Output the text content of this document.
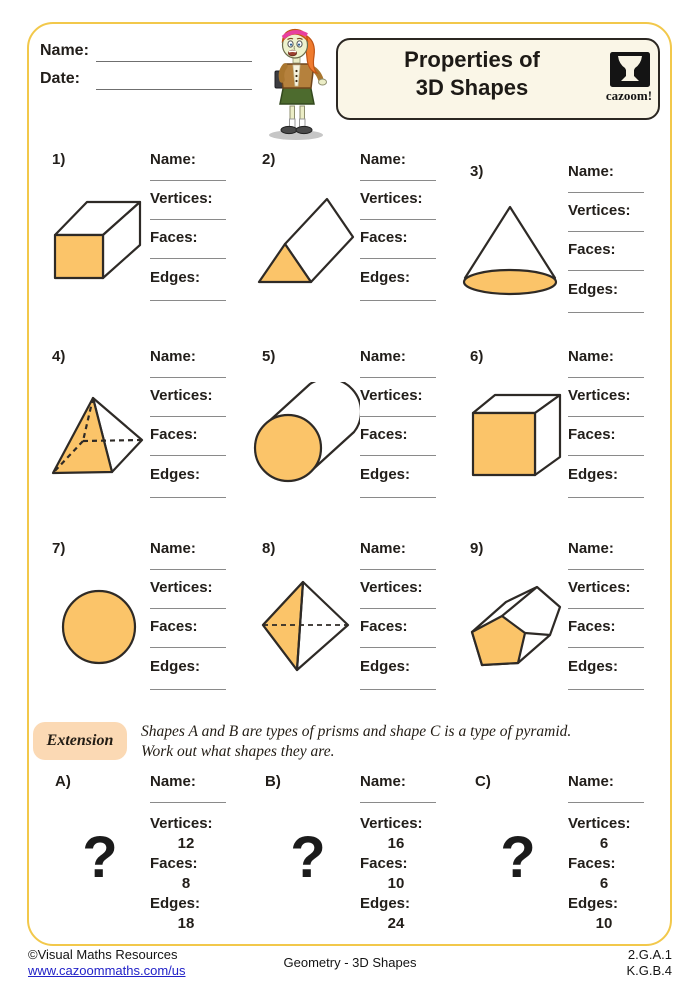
Name:
Date:
Properties of
3D Shapes	cazoom!
1)	Name:
Vertices:
Faces:
Edges:
2)	Name:
Vertices:
Faces:
Edges:
3)	Name:
Vertices:
Faces:
Edges:
4)	Name:
Vertices:
Faces:
Edges:
5)	Name:
Vertices:
Faces:
Edges:
6)	Name:
Vertices:
Faces:
Edges:
7)	Name:
Vertices:
Faces:
Edges:
8)	Name:
Vertices:
Faces:
Edges:
9)	Name:
Vertices:
Faces:
Edges:
Extension
Shapes A and B are types of prisms and shape C is a type of pyramid.
Work out what shapes they are.
A)
?
Name:
Vertices:
12
Faces:
8
Edges:
18
B)
?
Name:
Vertices:
16
Faces:
10
Edges:
24
C)
?
Name:
Vertices:
6
Faces:
6
Edges:
10
©Visual Maths Resources
www.cazoommaths.com/us
Geometry - 3D Shapes
2.G.A.1
K.G.B.4
